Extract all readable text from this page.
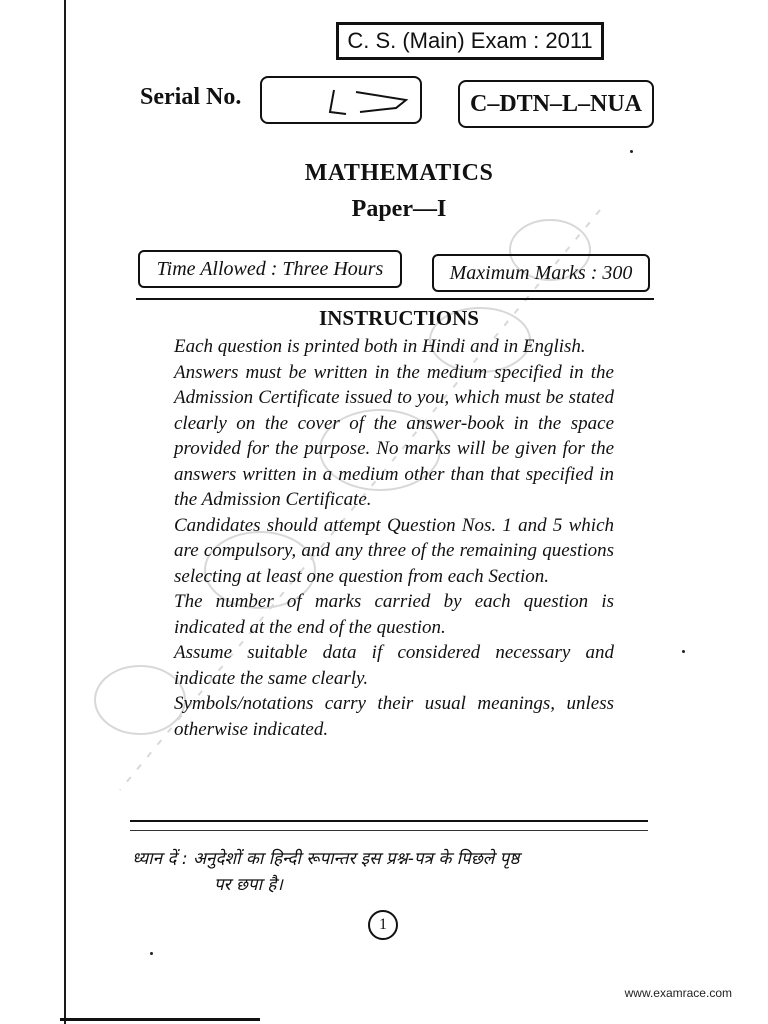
C. S. (Main) Exam : 2011
Serial No.	C–DTN–L–NUA
MATHEMATICS
Paper—I
Time Allowed : Three Hours	Maximum Marks : 300
INSTRUCTIONS

Each question is printed both in Hindi and in English.

Answers must be written in the medium specified in the Admission Certificate issued to you, which must be stated clearly on the cover of the answer-book in the space provided for the purpose. No marks will be given for the answers written in a medium other than that specified in the Admission Certificate.

Candidates should attempt Question Nos. 1 and 5 which are compulsory, and any three of the remaining questions selecting at least one question from each Section.

The number of marks carried by each question is indicated at the end of the question.

Assume suitable data if considered necessary and indicate the same clearly.

Symbols/notations carry their usual meanings, unless otherwise indicated.

ध्यान दें : अनुदेशों का हिन्दी रूपान्तर इस प्रश्न-पत्र के पिछले पृष्ठ
पर छपा है।
1
www.examrace.com
